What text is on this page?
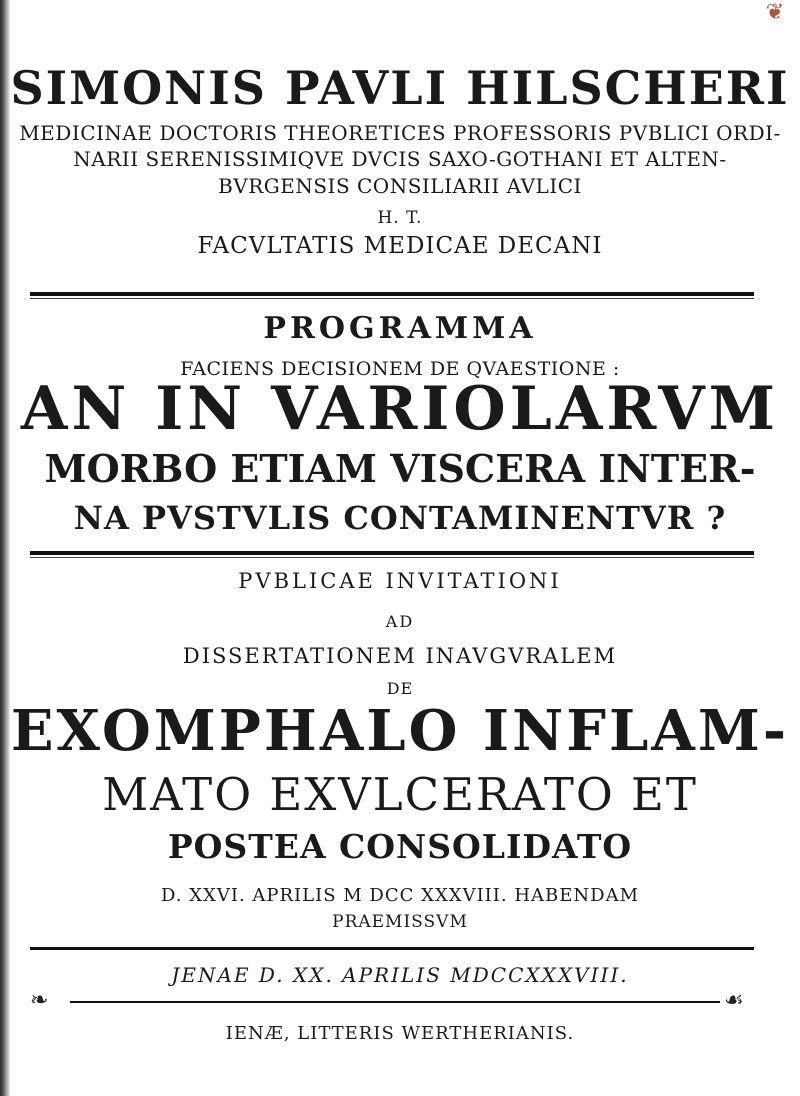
❦
SIMONIS PAVLI HILSCHERI
MEDICINAE DOCTORIS THEORETICES PROFESSORIS PVBLICI ORDI-
NARII SERENISSIMIQVE DVCIS SAXO-GOTHANI ET ALTEN-
BVRGENSIS CONSILIARII AVLICI
H. T.
FACVLTATIS MEDICAE DECANI
PROGRAMMA
FACIENS DECISIONEM DE QVAESTIONE :
AN IN VARIOLARVM
MORBO ETIAM VISCERA INTER-
NA PVSTVLIS CONTAMINENTVR ?
PVBLICAE INVITATIONI
AD
DISSERTATIONEM INAVGVRALEM
DE
EXOMPHALO INFLAM-
MATO EXVLCERATO ET
POSTEA CONSOLIDATO
D. XXVI. APRILIS M DCC XXXVIII. HABENDAM
PRAEMISSVM
JENAE D. XX. APRILIS MDCCXXXVIII.
❧	☙
IENÆ, LITTERIS WERTHERIANIS.
